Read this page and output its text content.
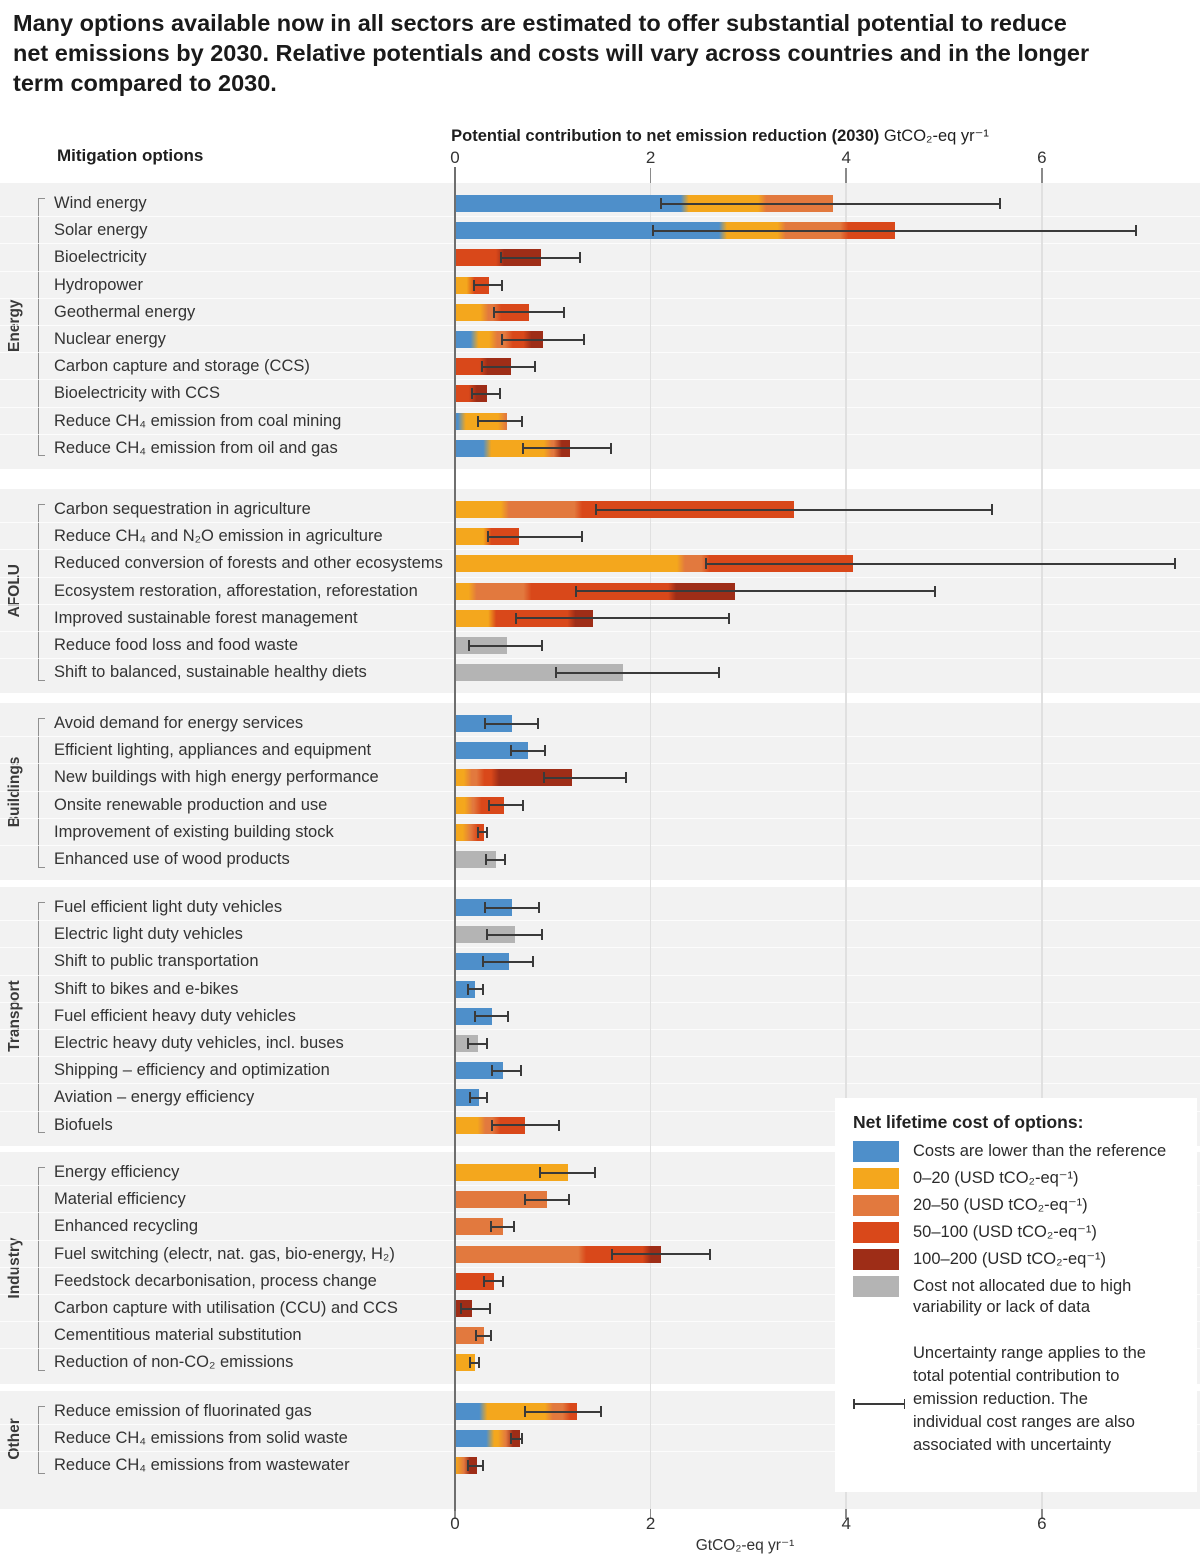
Many options available now in all sectors are estimated to offer substantial potential to reduce
net emissions by 2030. Relative potentials and costs will vary across countries and in the longer
term compared to 2030.
Mitigation options
Potential contribution to net emission reduction (2030) GtCO₂-eq yr⁻¹
Energy
Wind energy
Solar energy
Bioelectricity
Hydropower
Geothermal energy
Nuclear energy
Carbon capture and storage (CCS)
Bioelectricity with CCS
Reduce CH₄ emission from coal mining
Reduce CH₄ emission from oil and gas
AFOLU
Carbon sequestration in agriculture
Reduce CH₄ and N₂O emission in agriculture
Reduced conversion of forests and other ecosystems
Ecosystem restoration, afforestation, reforestation
Improved sustainable forest management
Reduce food loss and food waste
Shift to balanced, sustainable healthy diets
Buildings
Avoid demand for energy services
Efficient lighting, appliances and equipment
New buildings with high energy performance
Onsite renewable production and use
Improvement of existing building stock
Enhanced use of wood products
Transport
Fuel efficient light duty vehicles
Electric light duty vehicles
Shift to public transportation
Shift to bikes and e-bikes
Fuel efficient heavy duty vehicles
Electric heavy duty vehicles, incl. buses
Shipping – efficiency and optimization
Aviation – energy efficiency
Biofuels
Industry
Energy efficiency
Material efficiency
Enhanced recycling
Fuel switching (electr, nat. gas, bio-energy, H₂)
Feedstock decarbonisation, process change
Carbon capture with utilisation (CCU) and CCS
Cementitious material substitution
Reduction of non-CO₂ emissions
Other
Reduce emission of fluorinated gas
Reduce CH₄ emissions from solid waste
Reduce CH₄ emissions from wastewater
Net lifetime cost of options:
Costs are lower than the reference
0–20 (USD tCO₂-eq⁻¹)
20–50 (USD tCO₂-eq⁻¹)
50–100 (USD tCO₂-eq⁻¹)
100–200 (USD tCO₂-eq⁻¹)
Cost not allocated due to high variability or lack of data
Uncertainty range applies to the total potential contribution to emission reduction. The individual cost ranges are also associated with uncertainty
GtCO₂-eq yr⁻¹
0
0
2
2
4
4
6
6
